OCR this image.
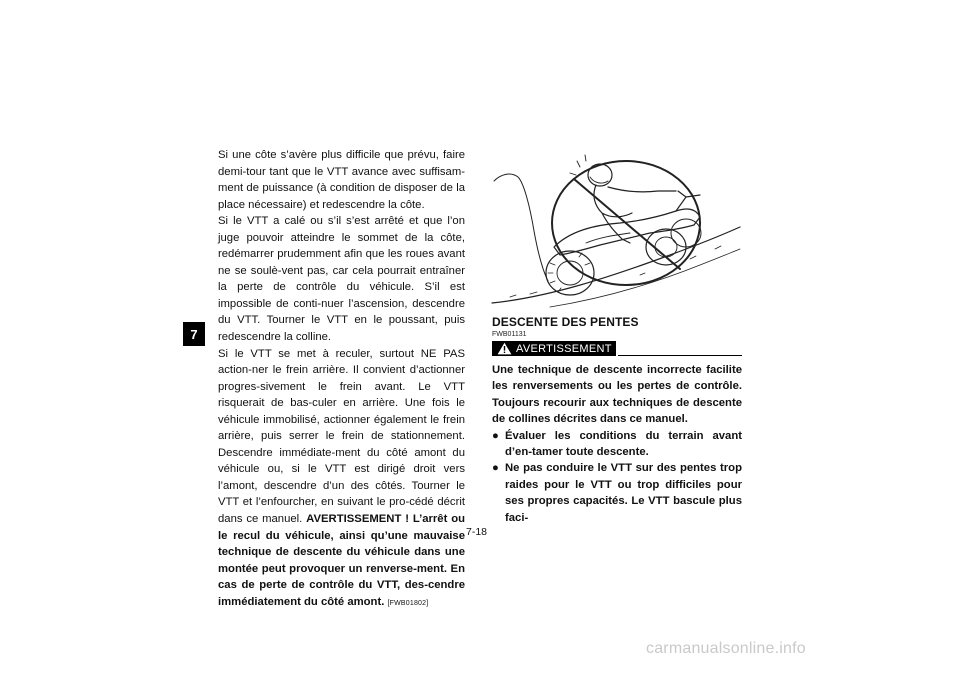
7

Si une côte s’avère plus difficile que prévu, faire demi-tour tant que le VTT avance avec suffisam-ment de puissance (à condition de disposer de la place nécessaire) et redescendre la côte.

Si le VTT a calé ou s’il s’est arrêté et que l’on juge pouvoir atteindre le sommet de la côte, redémarrer prudemment afin que les roues avant ne se soulè-vent pas, car cela pourrait entraîner la perte de contrôle du véhicule. S’il est impossible de conti-nuer l’ascension, descendre du VTT. Tourner le VTT en le poussant, puis redescendre la colline.

Si le VTT se met à reculer, surtout NE PAS action-ner le frein arrière. Il convient d’actionner progres-sivement le frein avant. Le VTT risquerait de bas-culer en arrière. Une fois le véhicule immobilisé, actionner également le frein arrière, puis serrer le frein de stationnement. Descendre immédiate-ment du côté amont du véhicule ou, si le VTT est dirigé droit vers l’amont, descendre d’un des côtés. Tourner le VTT et l’enfourcher, en suivant le pro-cédé décrit dans ce manuel. AVERTISSEMENT ! L’arrêt ou le recul du véhicule, ainsi qu’une mauvaise technique de descente du véhicule dans une montée peut provoquer un renverse-ment. En cas de perte de contrôle du VTT, des-cendre immédiatement du côté amont. [FWB01802]

DESCENTE DES PENTES
FWB01131
AVERTISSEMENT

Une technique de descente incorrecte facilite les renversements ou les pertes de contrôle. Toujours recourir aux techniques de descente de collines décrites dans ce manuel.

● Évaluer les conditions du terrain avant d’en-tamer toute descente.
● Ne pas conduire le VTT sur des pentes trop raides pour le VTT ou trop difficiles pour ses propres capacités. Le VTT bascule plus faci-
7-18
carmanualsonline.info
